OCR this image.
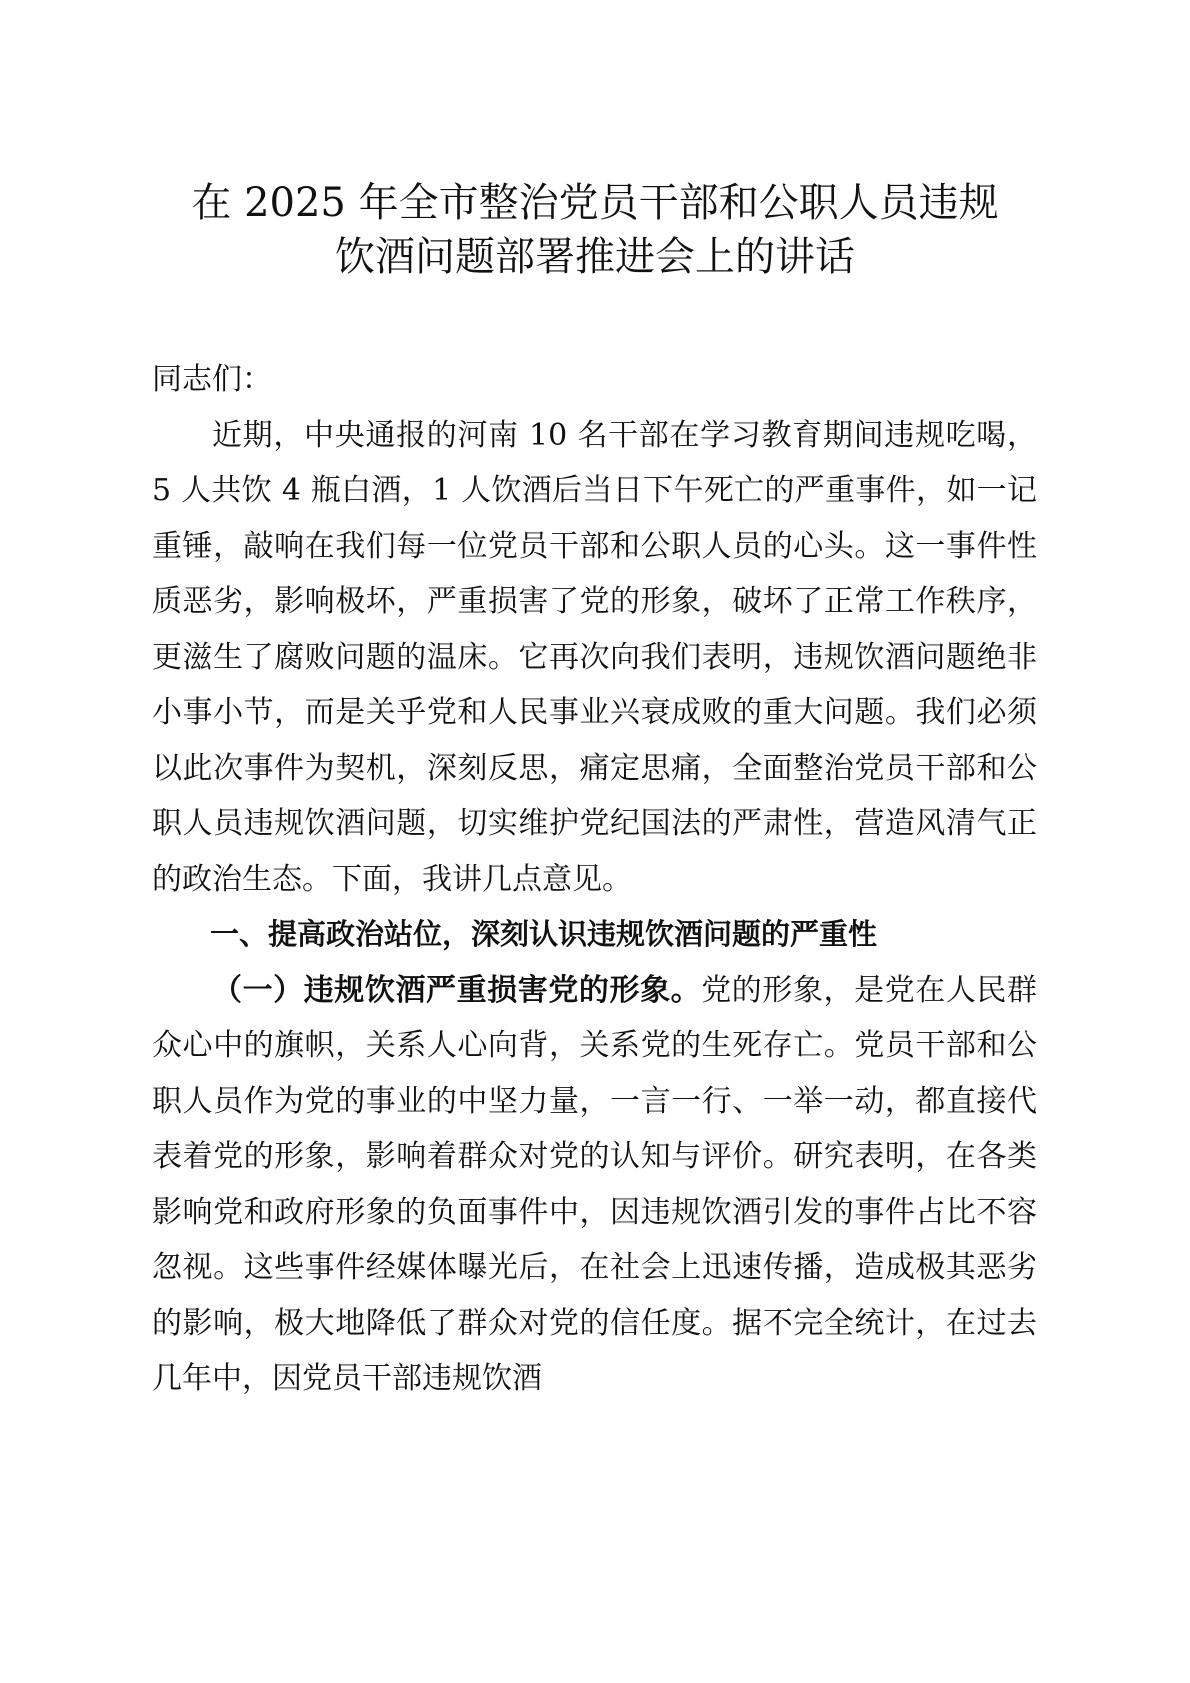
在 2025 年全市整治党员干部和公职人员违规
饮酒问题部署推进会上的讲话

同志们：

近期，中央通报的河南 10 名干部在学习教育期间违规吃喝，5 人共饮 4 瓶白酒，1 人饮酒后当日下午死亡的严重事件，如一记重锤，敲响在我们每一位党员干部和公职人员的心头。这一事件性质恶劣，影响极坏，严重损害了党的形象，破坏了正常工作秩序，更滋生了腐败问题的温床。它再次向我们表明，违规饮酒问题绝非小事小节，而是关乎党和人民事业兴衰成败的重大问题。我们必须以此次事件为契机，深刻反思，痛定思痛，全面整治党员干部和公职人员违规饮酒问题，切实维护党纪国法的严肃性，营造风清气正的政治生态。下面，我讲几点意见。

一、提高政治站位，深刻认识违规饮酒问题的严重性

（一）违规饮酒严重损害党的形象。党的形象，是党在人民群众心中的旗帜，关系人心向背，关系党的生死存亡。党员干部和公职人员作为党的事业的中坚力量，一言一行、一举一动，都直接代表着党的形象，影响着群众对党的认知与评价。研究表明，在各类影响党和政府形象的负面事件中，因违规饮酒引发的事件占比不容忽视。这些事件经媒体曝光后，在社会上迅速传播，造成极其恶劣的影响，极大地降低了群众对党的信任度。据不完全统计，在过去几年中，因党员干部违规饮酒
